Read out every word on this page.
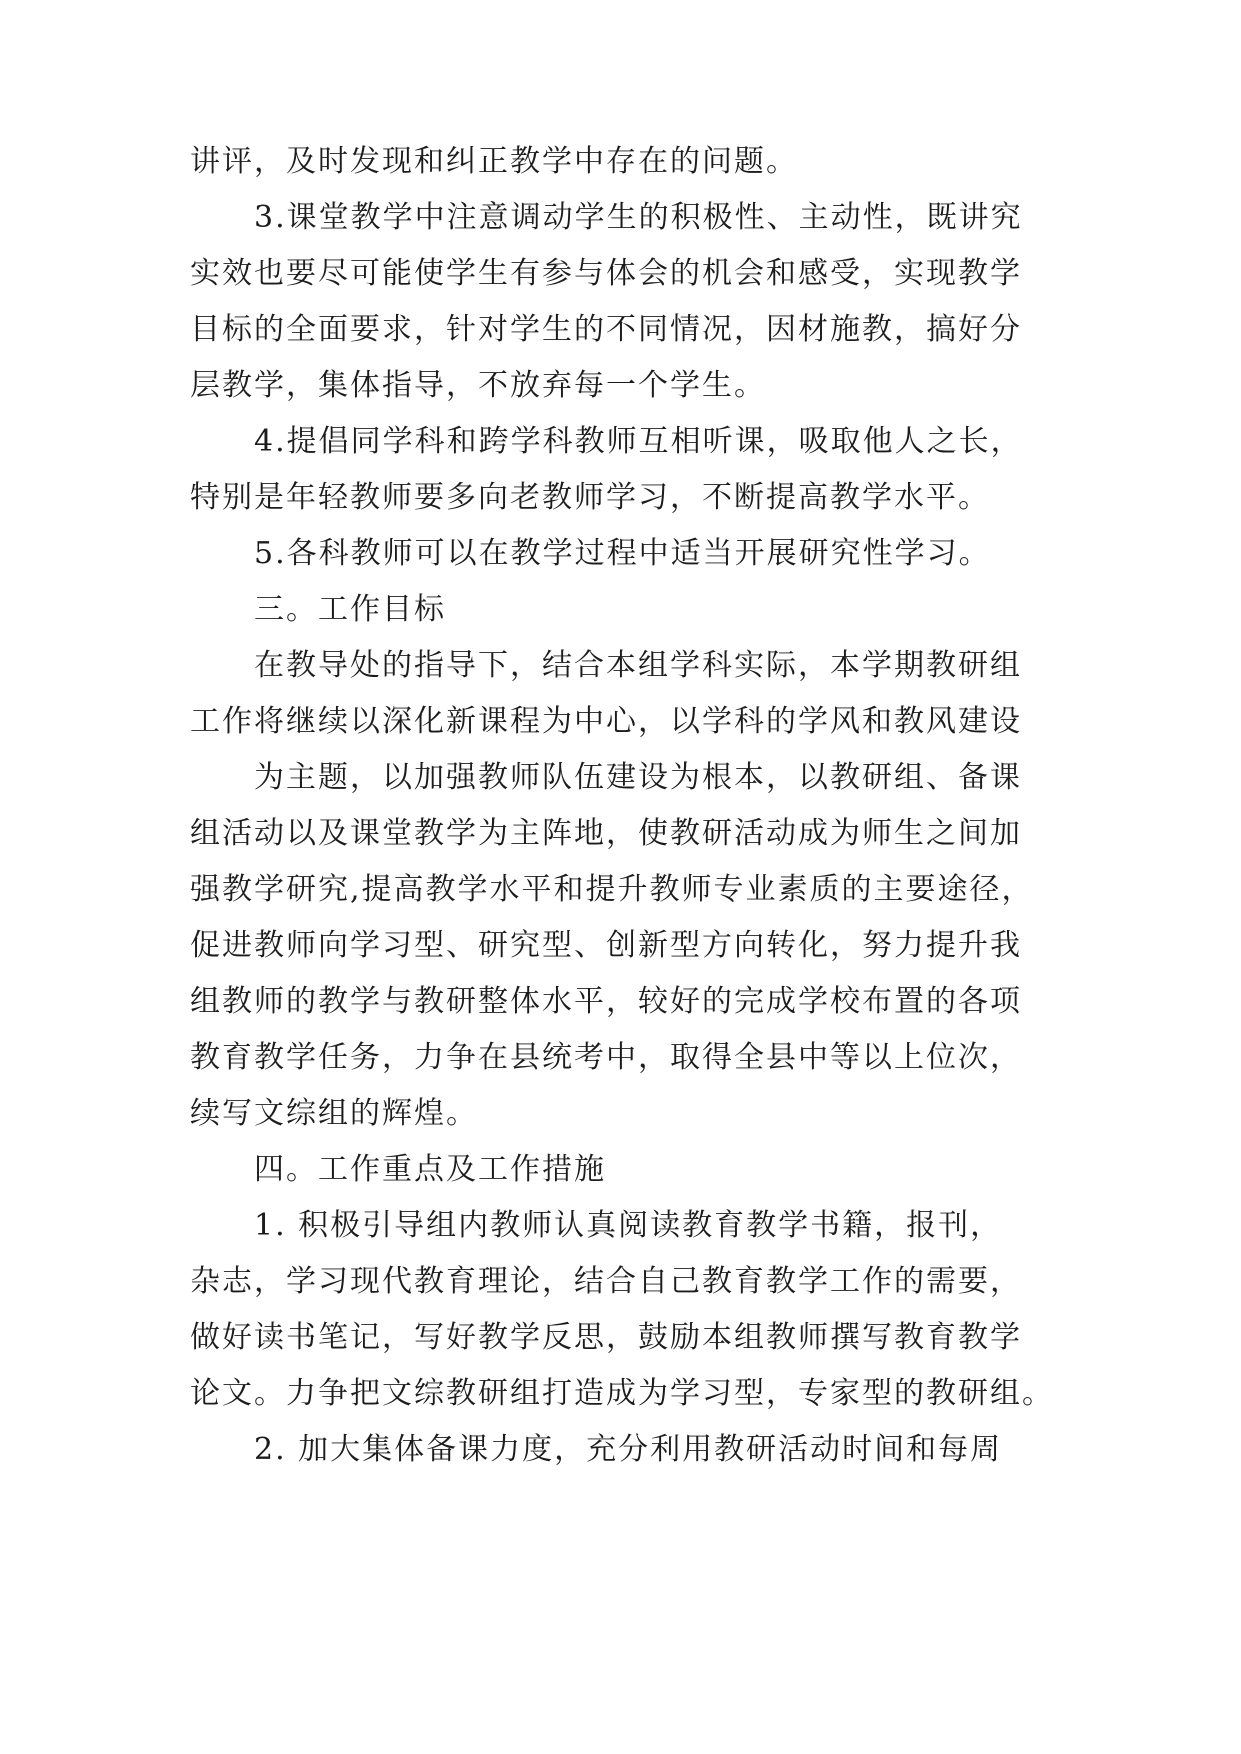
讲评，及时发现和纠正教学中存在的问题。
3.课堂教学中注意调动学生的积极性、主动性，既讲究
实效也要尽可能使学生有参与体会的机会和感受，实现教学
目标的全面要求，针对学生的不同情况，因材施教，搞好分
层教学，集体指导，不放弃每一个学生。
4.提倡同学科和跨学科教师互相听课，吸取他人之长，
特别是年轻教师要多向老教师学习，不断提高教学水平。
5.各科教师可以在教学过程中适当开展研究性学习。
三。工作目标
在教导处的指导下，结合本组学科实际，本学期教研组
工作将继续以深化新课程为中心，以学科的学风和教风建设
为主题，以加强教师队伍建设为根本，以教研组、备课
组活动以及课堂教学为主阵地，使教研活动成为师生之间加
强教学研究,提高教学水平和提升教师专业素质的主要途径，
促进教师向学习型、研究型、创新型方向转化，努力提升我
组教师的教学与教研整体水平，较好的完成学校布置的各项
教育教学任务，力争在县统考中，取得全县中等以上位次，
续写文综组的辉煌。
四。工作重点及工作措施
1. 积极引导组内教师认真阅读教育教学书籍，报刊，
杂志，学习现代教育理论，结合自己教育教学工作的需要，
做好读书笔记，写好教学反思，鼓励本组教师撰写教育教学
论文。力争把文综教研组打造成为学习型，专家型的教研组。
2. 加大集体备课力度，充分利用教研活动时间和每周
